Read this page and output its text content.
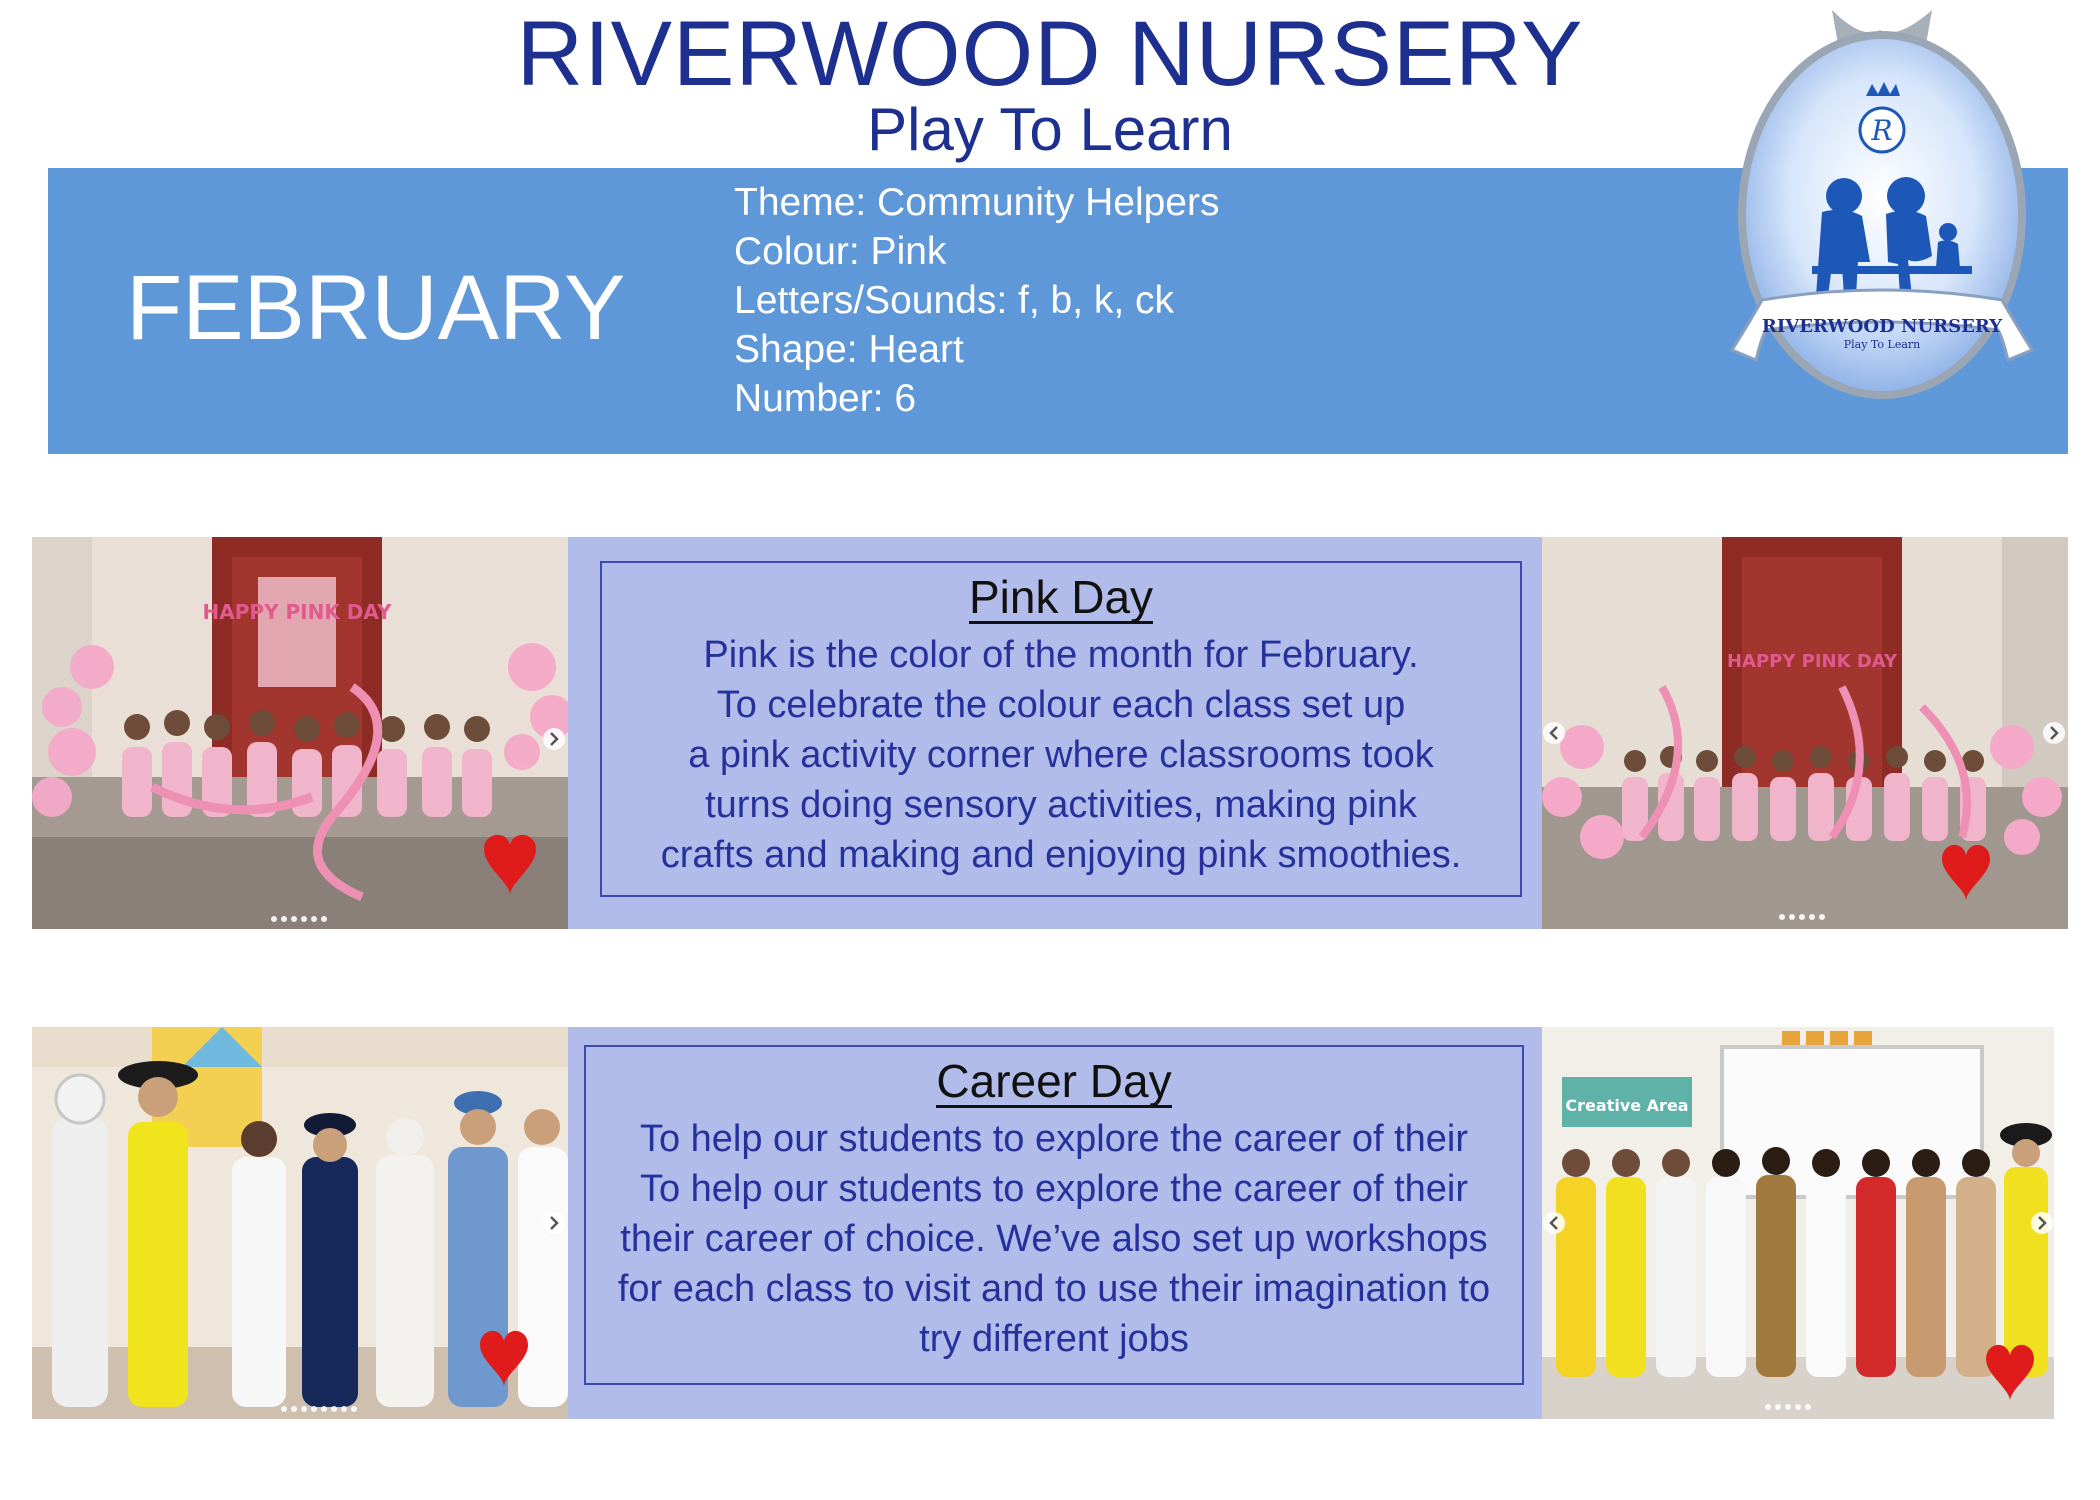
RIVERWOOD NURSERY
Play To Learn
FEBRUARY
Theme: Community Helpers
Colour: Pink
Letters/Sounds: f, b, k, ck
Shape: Heart
Number: 6
R
RIVERWOOD NURSERY
Play To Learn
HAPPY PINK DAY	Pink Day
Pink is the color of the month for February.
To celebrate the colour each class set up
a pink activity corner where classrooms took
turns doing sensory activities, making pink
crafts and making and enjoying pink smoothies.
HAPPY PINK DAY
Career Day
To help our students to explore the career of their
To help our students to explore the career of their
their career of choice. We’ve also set up workshops
for each class to visit and to use their imagination to
try different jobs
Creative Area
